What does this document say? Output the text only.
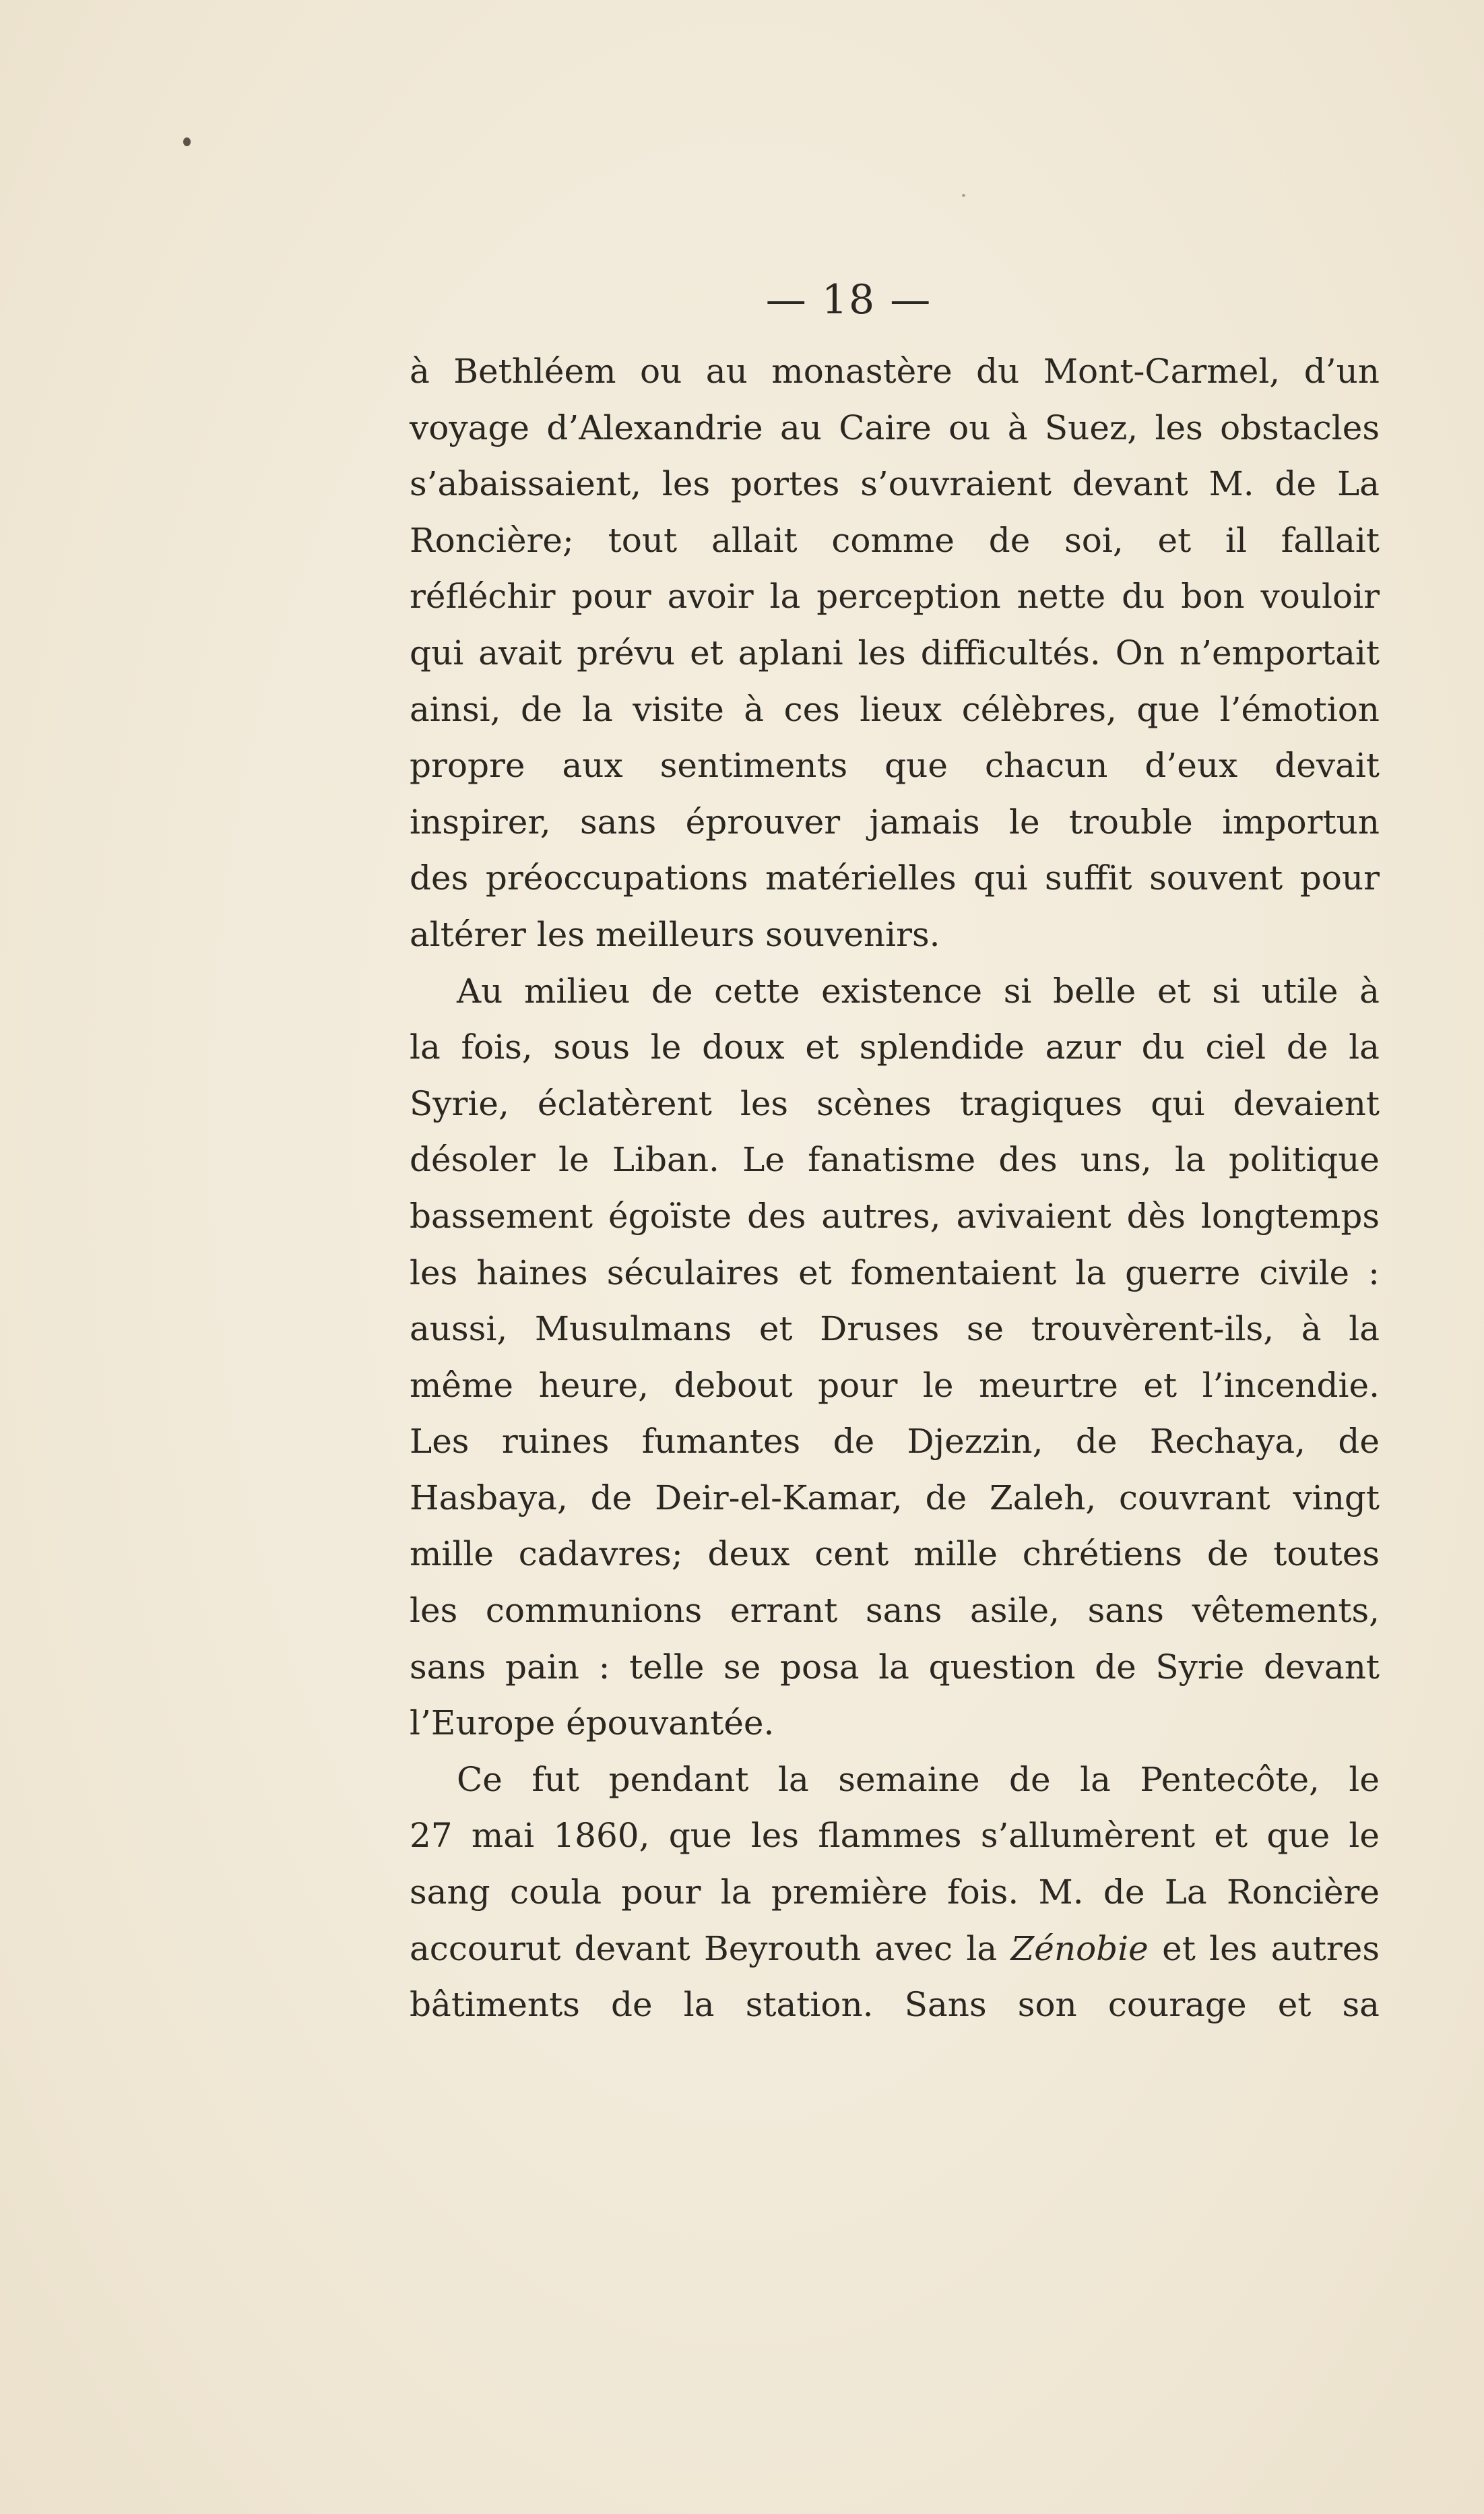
— 18 —
à Bethléem ou au monastère du Mont-Carmel, d’un
voyage d’Alexandrie au Caire ou à Suez, les obstacles
s’abaissaient, les portes s’ouvraient devant M. de La
Roncière; tout allait comme de soi, et il fallait
réfléchir pour avoir la perception nette du bon vouloir
qui avait prévu et aplani les difficultés. On n’emportait
ainsi, de la visite à ces lieux célèbres, que l’émotion
propre aux sentiments que chacun d’eux devait
inspirer, sans éprouver jamais le trouble importun
des préoccupations matérielles qui suffit souvent pour
altérer les meilleurs souvenirs.
Au milieu de cette existence si belle et si utile à
la fois, sous le doux et splendide azur du ciel de la
Syrie, éclatèrent les scènes tragiques qui devaient
désoler le Liban. Le fanatisme des uns, la politique
bassement égoïste des autres, avivaient dès longtemps
les haines séculaires et fomentaient la guerre civile :
aussi, Musulmans et Druses se trouvèrent-ils, à la
même heure, debout pour le meurtre et l’incendie.
Les ruines fumantes de Djezzin, de Rechaya, de
Hasbaya, de Deir-el-Kamar, de Zaleh, couvrant vingt
mille cadavres; deux cent mille chrétiens de toutes
les communions errant sans asile, sans vêtements,
sans pain : telle se posa la question de Syrie devant
l’Europe épouvantée.
Ce fut pendant la semaine de la Pentecôte, le
27 mai 1860, que les flammes s’allumèrent et que le
sang coula pour la première fois. M. de La Roncière
accourut devant Beyrouth avec la Zénobie et les autres
bâtiments de la station. Sans son courage et sa
